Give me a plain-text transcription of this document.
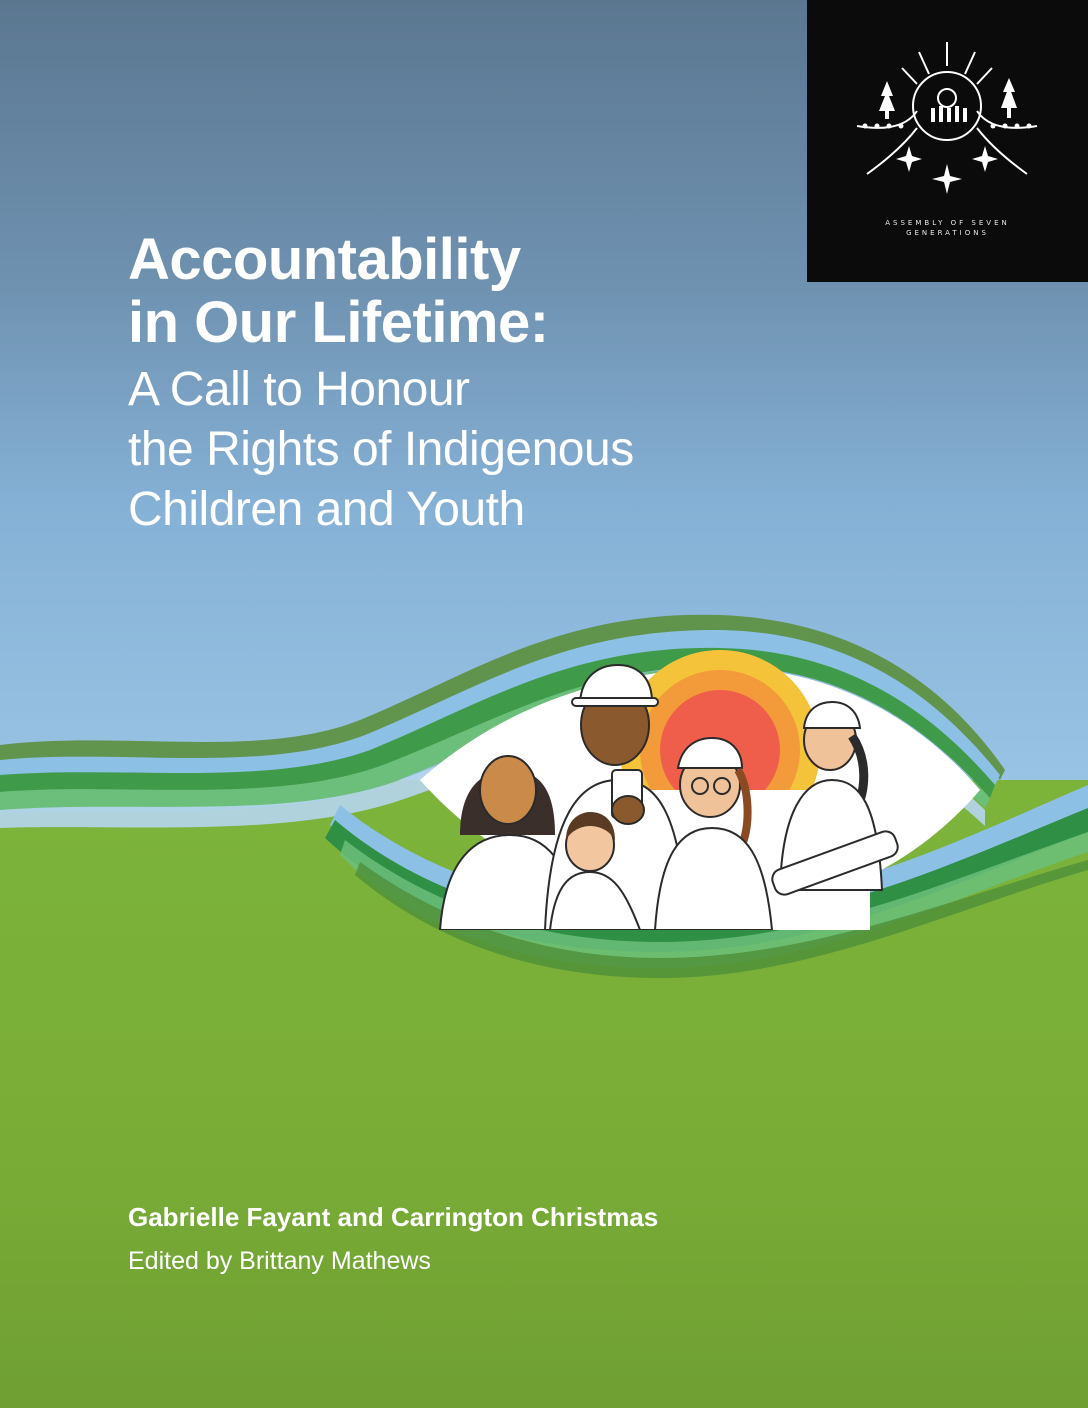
ASSEMBLY OF SEVEN
GENERATIONS
Accountability
in Our Lifetime:
A Call to Honour
the Rights of Indigenous
Children and Youth
Gabrielle Fayant and Carrington Christmas
Edited by Brittany Mathews
